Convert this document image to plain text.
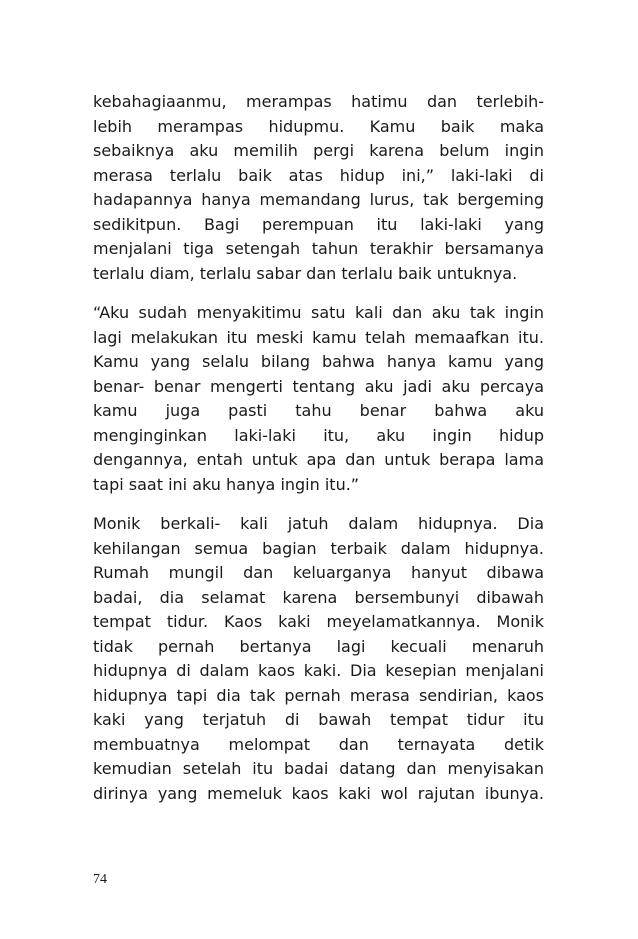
kebahagiaanmu, merampas hatimu dan terlebih-
lebih merampas hidupmu. Kamu baik maka
sebaiknya aku memilih pergi karena belum ingin
merasa terlalu baik atas hidup ini,” laki-laki di
hadapannya hanya memandang lurus, tak bergeming
sedikitpun. Bagi perempuan itu laki-laki yang
menjalani tiga setengah tahun terakhir bersamanya
terlalu diam, terlalu sabar dan terlalu baik untuknya.

“Aku sudah menyakitimu satu kali dan aku tak ingin
lagi melakukan itu meski kamu telah memaafkan itu.
Kamu yang selalu bilang bahwa hanya kamu yang
benar- benar mengerti tentang aku jadi aku percaya
kamu juga pasti tahu benar bahwa aku
menginginkan laki-laki itu, aku ingin hidup
dengannya, entah untuk apa dan untuk berapa lama
tapi saat ini aku hanya ingin itu.”

Monik berkali- kali jatuh dalam hidupnya. Dia
kehilangan semua bagian terbaik dalam hidupnya.
Rumah mungil dan keluarganya hanyut dibawa
badai, dia selamat karena bersembunyi dibawah
tempat tidur. Kaos kaki meyelamatkannya. Monik
tidak pernah bertanya lagi kecuali menaruh
hidupnya di dalam kaos kaki. Dia kesepian menjalani
hidupnya tapi dia tak pernah merasa sendirian, kaos
kaki yang terjatuh di bawah tempat tidur itu
membuatnya melompat dan ternayata detik
kemudian setelah itu badai datang dan menyisakan
dirinya yang memeluk kaos kaki wol rajutan ibunya.

74
